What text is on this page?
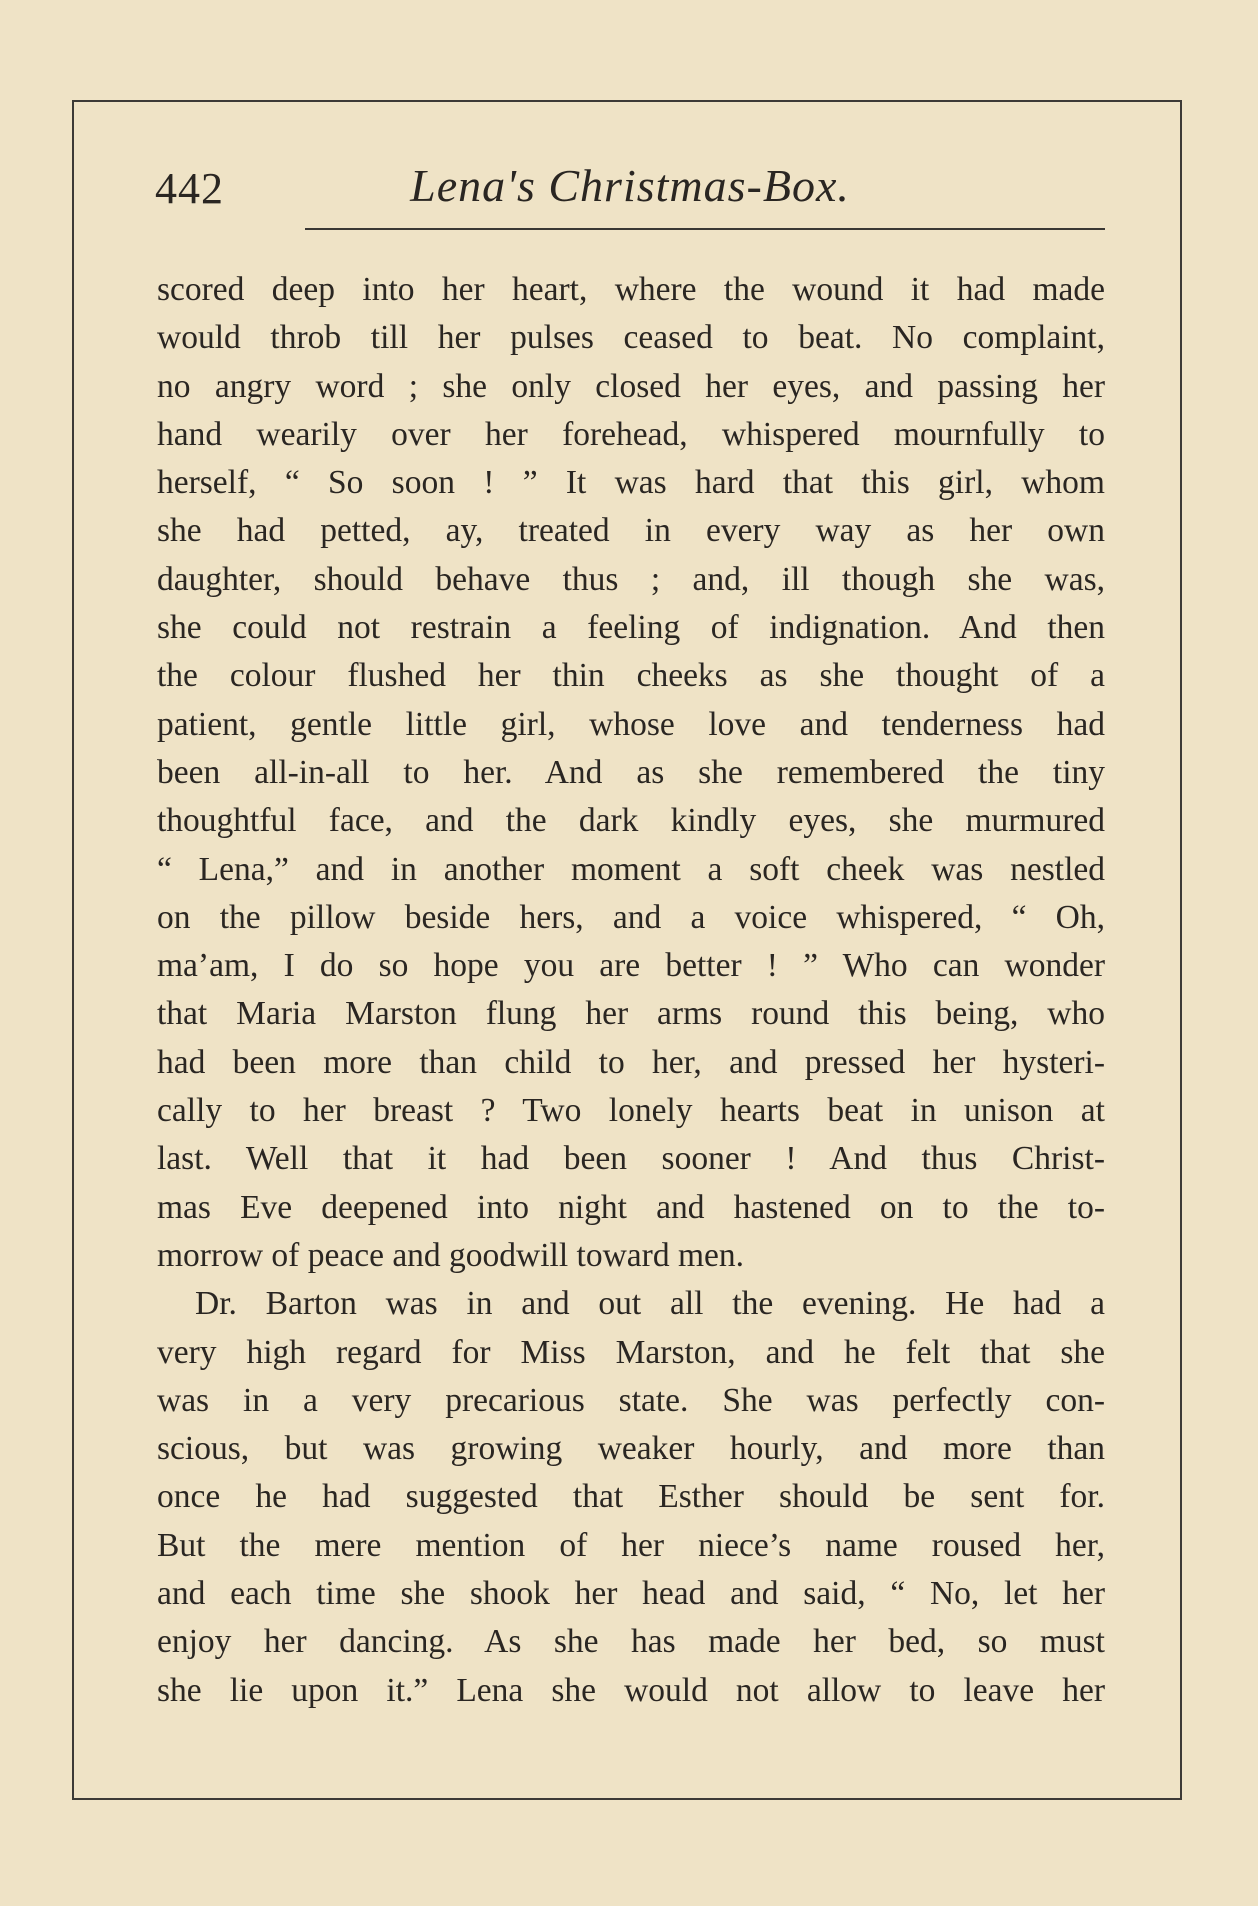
442	Lena's Christmas-Box.
scored deep into her heart, where the wound it had made
would throb till her pulses ceased to beat. No complaint,
no angry word ; she only closed her eyes, and passing her
hand wearily over her forehead, whispered mournfully to
herself, “ So soon ! ” It was hard that this girl, whom
she had petted, ay, treated in every way as her own
daughter, should behave thus ; and, ill though she was,
she could not restrain a feeling of indignation. And then
the colour flushed her thin cheeks as she thought of a
patient, gentle little girl, whose love and tenderness had
been all-in-all to her. And as she remembered the tiny
thoughtful face, and the dark kindly eyes, she murmured
“ Lena,” and in another moment a soft cheek was nestled
on the pillow beside hers, and a voice whispered, “ Oh,
ma’am, I do so hope you are better ! ” Who can wonder
that Maria Marston flung her arms round this being, who
had been more than child to her, and pressed her hysteri-
cally to her breast ? Two lonely hearts beat in unison at
last. Well that it had been sooner ! And thus Christ-
mas Eve deepened into night and hastened on to the to-
morrow of peace and goodwill toward men.
Dr. Barton was in and out all the evening. He had a
very high regard for Miss Marston, and he felt that she
was in a very precarious state. She was perfectly con-
scious, but was growing weaker hourly, and more than
once he had suggested that Esther should be sent for.
But the mere mention of her niece’s name roused her,
and each time she shook her head and said, “ No, let her
enjoy her dancing. As she has made her bed, so must
she lie upon it.” Lena she would not allow to leave her
